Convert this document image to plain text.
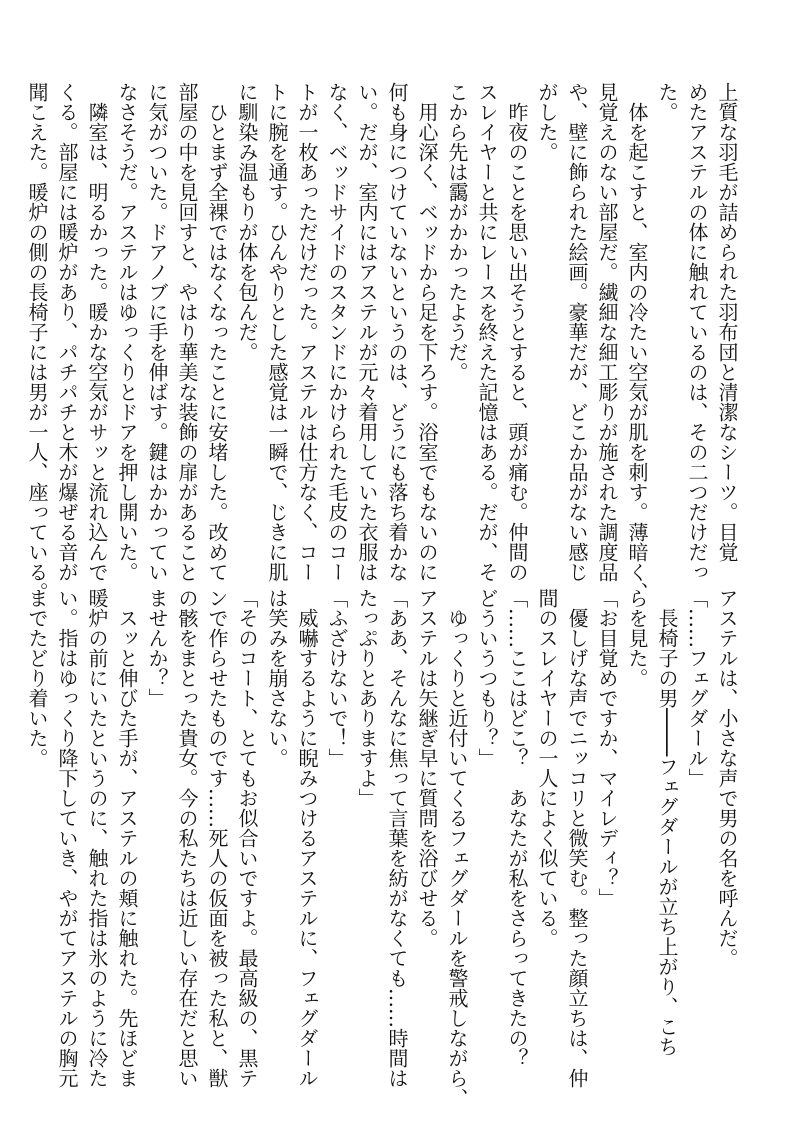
上質な羽毛が詰められた羽布団と清潔なシーツ。目覚
めたアステルの体に触れているのは、その二つだけだっ
た。
　体を起こすと、室内の冷たい空気が肌を刺す。薄暗く、
見覚えのない部屋だ。繊細な細工彫りが施された調度品
や、壁に飾られた絵画。豪華だが、どこか品がない感じ
がした。
　昨夜のことを思い出そうとすると、頭が痛む。仲間の
スレイヤーと共にレースを終えた記憶はある。だが、そ
こから先は靄がかかったようだ。
　用心深く、ベッドから足を下ろす。浴室でもないのに
何も身につけていないというのは、どうにも落ち着かな
い。だが、室内にはアステルが元々着用していた衣服は
なく、ベッドサイドのスタンドにかけられた毛皮のコー
トが一枚あっただけだった。アステルは仕方なく、コー
トに腕を通す。ひんやりとした感覚は一瞬で、じきに肌
に馴染み温もりが体を包んだ。
　ひとまず全裸ではなくなったことに安堵した。改めて
部屋の中を見回すと、やはり華美な装飾の扉があること
に気がついた。ドアノブに手を伸ばす。鍵はかかってい
なさそうだ。アステルはゆっくりとドアを押し開いた。
　隣室は、明るかった。暖かな空気がサッと流れ込んで
くる。部屋には暖炉があり、パチパチと木が爆ぜる音が
聞こえた。暖炉の側の長椅子には男が一人、座っている。
アステルは、小さな声で男の名を呼んだ。
「……フェグダール」
　長椅子の男────フェグダールが立ち上がり、こち
らを見た。
「お目覚めですか、マイレディ？」
　優しげな声でニッコリと微笑む。整った顔立ちは、仲
間のスレイヤーの一人によく似ている。
「……ここはどこ？　あなたが私をさらってきたの？
どういうつもり？」
　ゆっくりと近付いてくるフェグダールを警戒しながら、
アステルは矢継ぎ早に質問を浴びせる。
「ああ、そんなに焦って言葉を紡がなくても……時間は
たっぷりとありますよ」
「ふざけないで！」
　威嚇するように睨みつけるアステルに、フェグダール
は笑みを崩さない。
「そのコート、とてもお似合いですよ。最高級の、黒テ
ンで作らせたものです……死人の仮面を被った私と、獣
の骸をまとった貴女。今の私たちは近しい存在だと思い
ませんか？」
　スッと伸びた手が、アステルの頬に触れた。先ほどま
暖炉の前にいたというのに、触れた指は氷のように冷た
い。指はゆっくり降下していき、やがてアステルの胸元
までたどり着いた。
